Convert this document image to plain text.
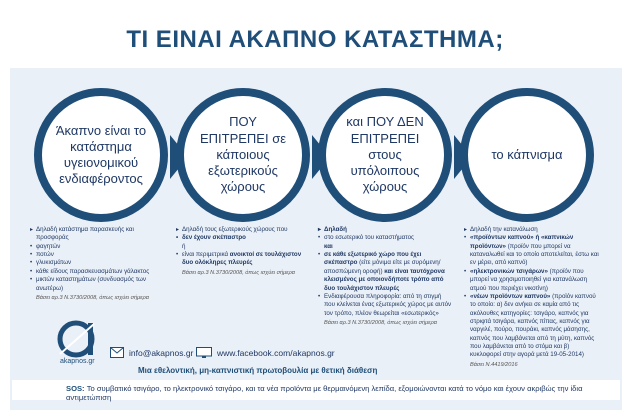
ΤΙ ΕΙΝΑΙ ΑΚΑΠΝΟ ΚΑΤΑΣΤΗΜΑ;
Άκαπνο είναι το κατάστημα υγειονομικού ενδιαφέροντος
ΠΟΥ ΕΠΙΤΡΕΠΕΙ σε κάποιους εξωτερικούς χώρους
και ΠΟΥ ΔΕΝ ΕΠΙΤΡΕΠΕΙ στους υπόλοιπους χώρους
το κάπνισμα
▸ Δηλαδή κατάστημα παρασκευής και προσφοράς
• φαγητών
• ποτών
• γλυκισμάτων
• κάθε είδους παρασκευασμάτων γάλακτος
• μικτών καταστημάτων (συνδυασμός των ανωτέρω)
Βάσει αρ.3 Ν.3730/2008, όπως ισχύει σήμερα
▸ Δηλαδή τους εξωτερικούς χώρους που
• δεν έχουν σκέπαστρο
ή
• είναι περιμετρικά ανοικτοί σε τουλάχιστον δυο ολόκληρες πλευρές
Βάσει αρ.3 Ν.3730/2008, όπως ισχύει σήμερα
▸ Δηλαδή
• στο εσωτερικό του καταστήματος
και
• σε κάθε εξωτερικό χώρο που έχει σκέπαστρο (είτε μόνιμα είτε με συρόμενη/αποσπώμενη οροφή) και είναι ταυτόχρονα κλεισμένος με οποιονδήποτε τρόπο από δυο τουλάχιστον πλευρές
• Ενδιαφέρουσα πληροφορία: από τη στιγμή που κλείνεται ένας εξωτερικός χώρος με αυτόν τον τρόπο, πλέον θεωρείται «εσωτερικός»
Βάσει αρ.3 Ν.3730/2008, όπως ισχύει σήμερα
▸ Δηλαδή την κατανάλωση
• «προϊόντων καπνού» ή «καπνικών προϊόντων» (προϊόν που μπορεί να καταναλωθεί και το οποίο αποτελείται, έστω και εν μέρει, από καπνό)
• «ηλεκτρονικών τσιγάρων» (προϊόν που μπορεί να χρησιμοποιηθεί για κατανάλωση ατμού που περιέχει νικοτίνη)
• «νέων προϊόντων καπνού» (προϊόν καπνού το οποίο: α) δεν ανήκει σε καμία από τις ακόλουθες κατηγορίες: τσιγάρο, καπνός για στριφτά τσιγάρα, καπνός πίπας, καπνός για ναργιλέ, πούρο, πουράκι, καπνός μάσησης, καπνός που λαμβάνεται από τη μύτη, καπνός που λαμβάνεται από το στόμα και β) κυκλοφορεί στην αγορά μετά 19-05-2014)
Βάσει Ν.4419/2016
akapnos.gr
info@akapnos.gr	www.facebook.com/akapnos.gr
Μια εθελοντική, μη-καπνιστική πρωτοβουλία με θετική διάθεση
SOS: Το συμβατικό τσιγάρο, το ηλεκτρονικό τσιγάρο, και τα νέα προϊόντα με θερμαινόμενη λεπίδα, εξομοιώνονται κατά το νόμο και έχουν ακριβώς την ίδια αντιμετώπιση
